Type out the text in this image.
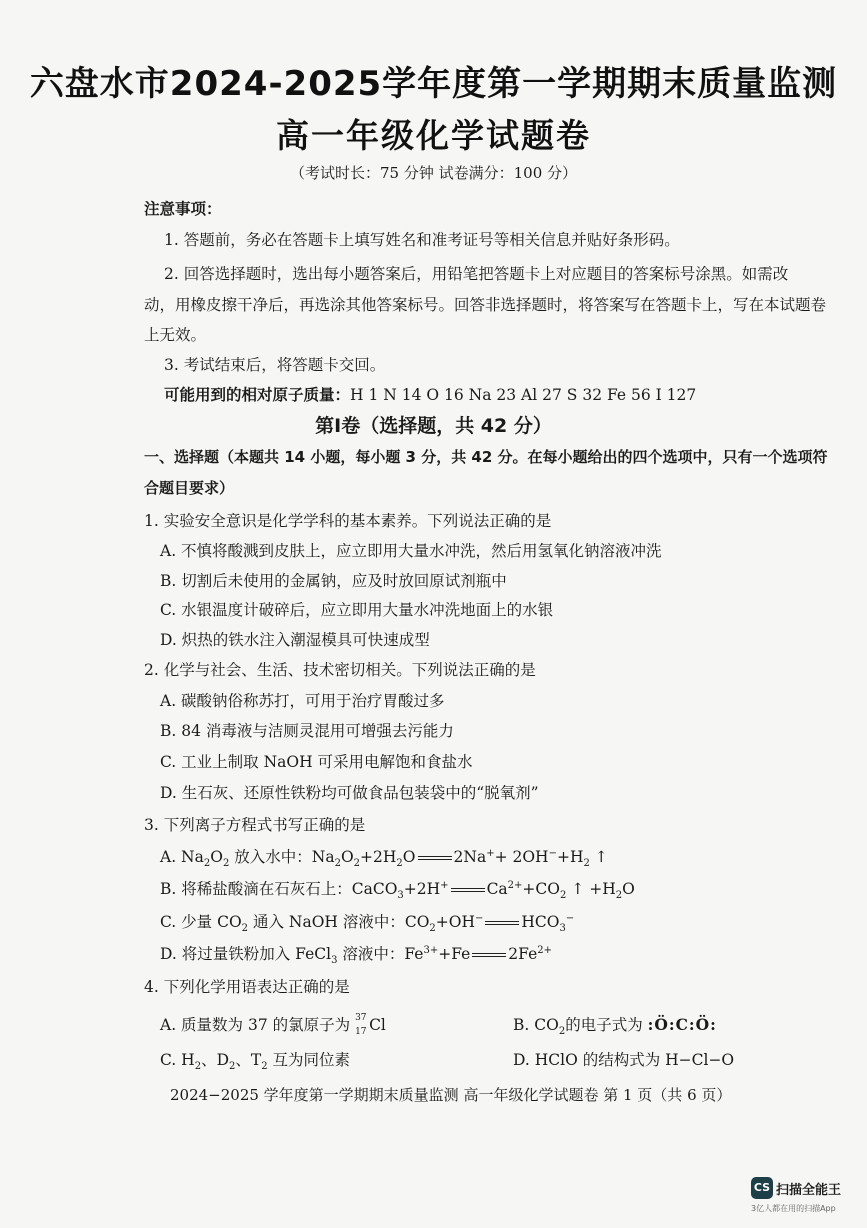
六盘水市2024-2025学年度第一学期期末质量监测
高一年级化学试题卷
（考试时长：75 分钟 试卷满分：100 分）
注意事项：
1. 答题前，务必在答题卡上填写姓名和准考证号等相关信息并贴好条形码。
2. 回答选择题时，选出每小题答案后，用铅笔把答题卡上对应题目的答案标号涂黑。如需改
动，用橡皮擦干净后，再选涂其他答案标号。回答非选择题时，将答案写在答题卡上，写在本试题卷
上无效。
3. 考试结束后，将答题卡交回。
可能用到的相对原子质量：H 1 N 14 O 16 Na 23 Al 27 S 32 Fe 56 I 127
第Ⅰ卷（选择题，共 42 分）
一、选择题（本题共 14 小题，每小题 3 分，共 42 分。在每小题给出的四个选项中，只有一个选项符
合题目要求）
1. 实验安全意识是化学学科的基本素养。下列说法正确的是
A. 不慎将酸溅到皮肤上，应立即用大量水冲洗，然后用氢氧化钠溶液冲洗
B. 切割后未使用的金属钠，应及时放回原试剂瓶中
C. 水银温度计破碎后，应立即用大量水冲洗地面上的水银
D. 炽热的铁水注入潮湿模具可快速成型
2. 化学与社会、生活、技术密切相关。下列说法正确的是
A. 碳酸钠俗称苏打，可用于治疗胃酸过多
B. 84 消毒液与洁厕灵混用可增强去污能力
C. 工业上制取 NaOH 可采用电解饱和食盐水
D. 生石灰、还原性铁粉均可做食品包装袋中的“脱氧剂”
3. 下列离子方程式书写正确的是
A. $Na_2O_2$ 放入水中：$Na_2O_2+2H_2O$ $2Na^++ 2OH^-+H_2$ ↑
B. 将稀盐酸滴在石灰石上：CaCO$_3$+2H+ $Ca^{2+}+CO_2$ ↑ $+H_2O$
C. 少量 $CO_2$ 通入 NaOH 溶液中：$CO_2+OH^-$ $HCO_3^-$
D. 将过量铁粉加入 FeCl$_3$ 溶液中：$Fe^{3+}+Fe$ $2Fe^{2+}$
4. 下列化学用语表达正确的是
A. 质量数为 37 的氯原子为 37
17 Cl	B. $CO_2$的电子式为 :Ö:C:Ö:
C. $H_2$、$D_2$、$T_2$ 互为同位素	D. HClO 的结构式为 H−Cl−O
2024−2025 学年度第一学期期末质量监测 高一年级化学试题卷 第 1 页（共 6 页）
CS 扫描全能王
3亿人都在用的扫描App
